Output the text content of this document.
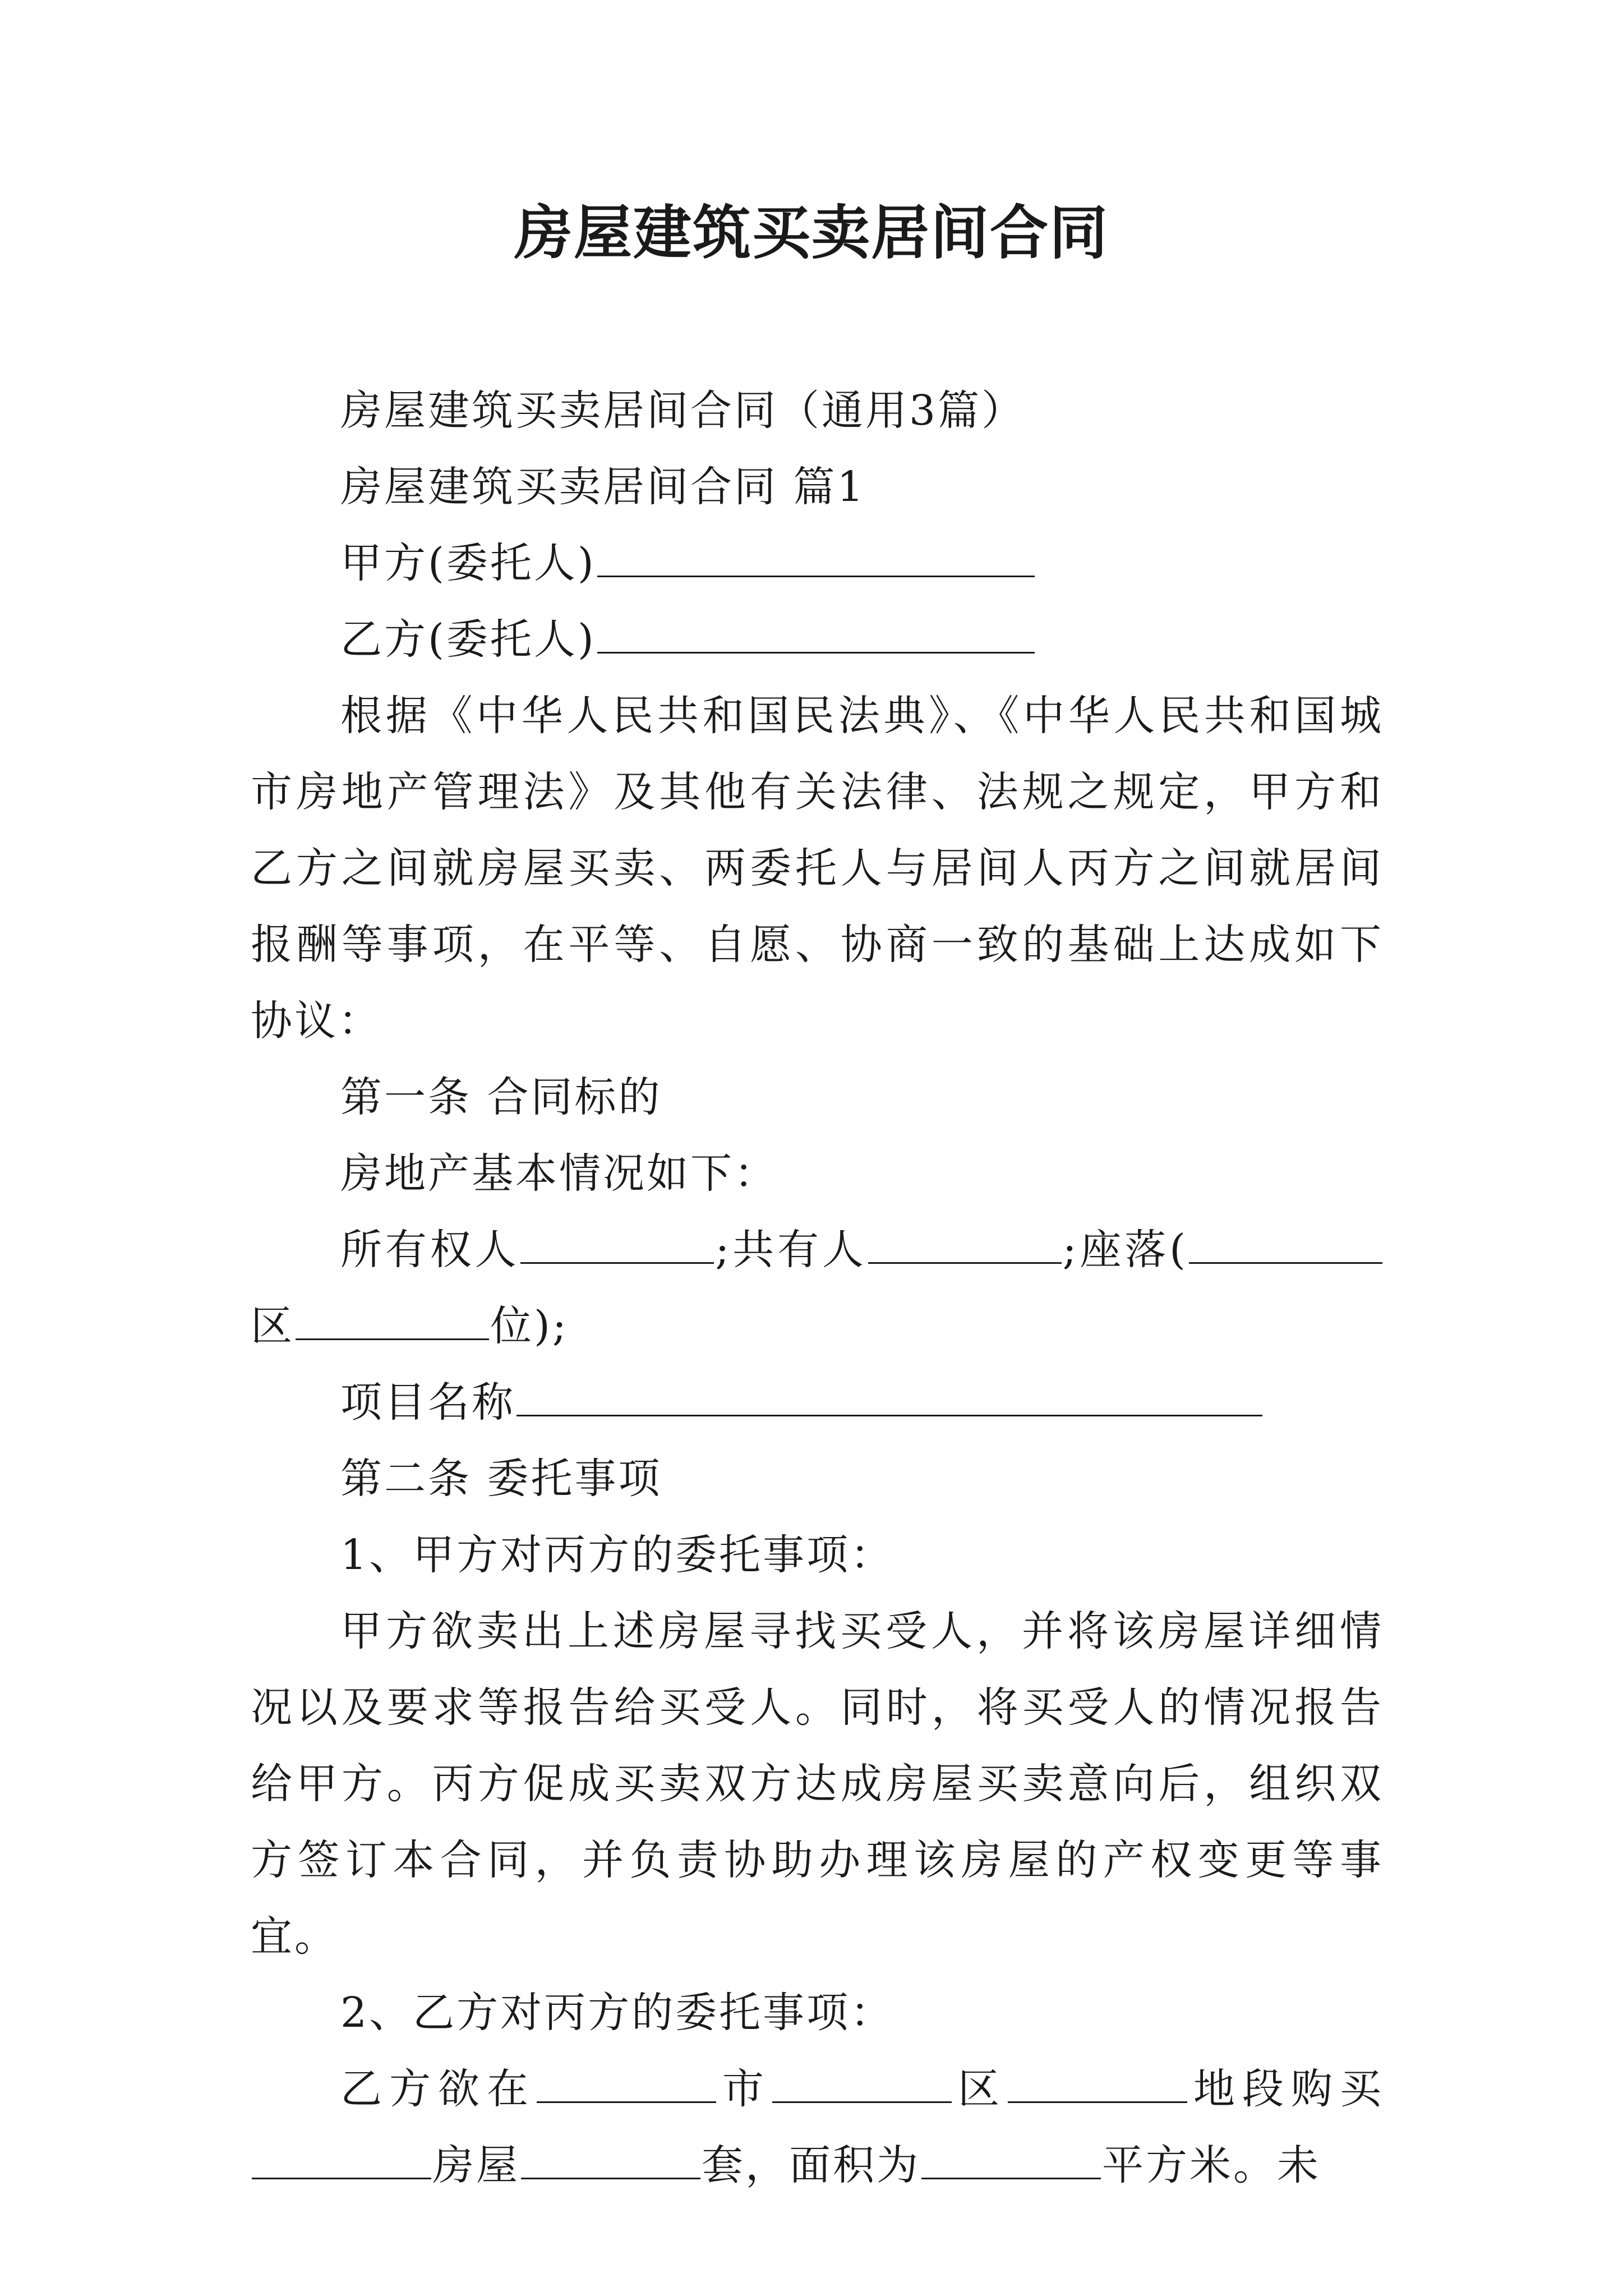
房屋建筑买卖居间合同

房屋建筑买卖居间合同（通用3篇）

房屋建筑买卖居间合同 篇1

甲方(委托人)

乙方(委托人)

根据《中华人民共和国民法典》、《中华人民共和国城市房地产管理法》及其他有关法律、法规之规定，甲方和乙方之间就房屋买卖、两委托人与居间人丙方之间就居间报酬等事项，在平等、自愿、协商一致的基础上达成如下协议：

第一条 合同标的

房地产基本情况如下：

所有权人	;共有人	;座落(区	位);

项目名称

第二条 委托事项

1、甲方对丙方的委托事项：

甲方欲卖出上述房屋寻找买受人，并将该房屋详细情况以及要求等报告给买受人。同时，将买受人的情况报告给甲方。丙方促成买卖双方达成房屋买卖意向后，组织双方签订本合同，并负责协助办理该房屋的产权变更等事宜。

2、乙方对丙方的委托事项：

乙方欲在	市	区	地段购买房屋	套，面积为	平方米。未
